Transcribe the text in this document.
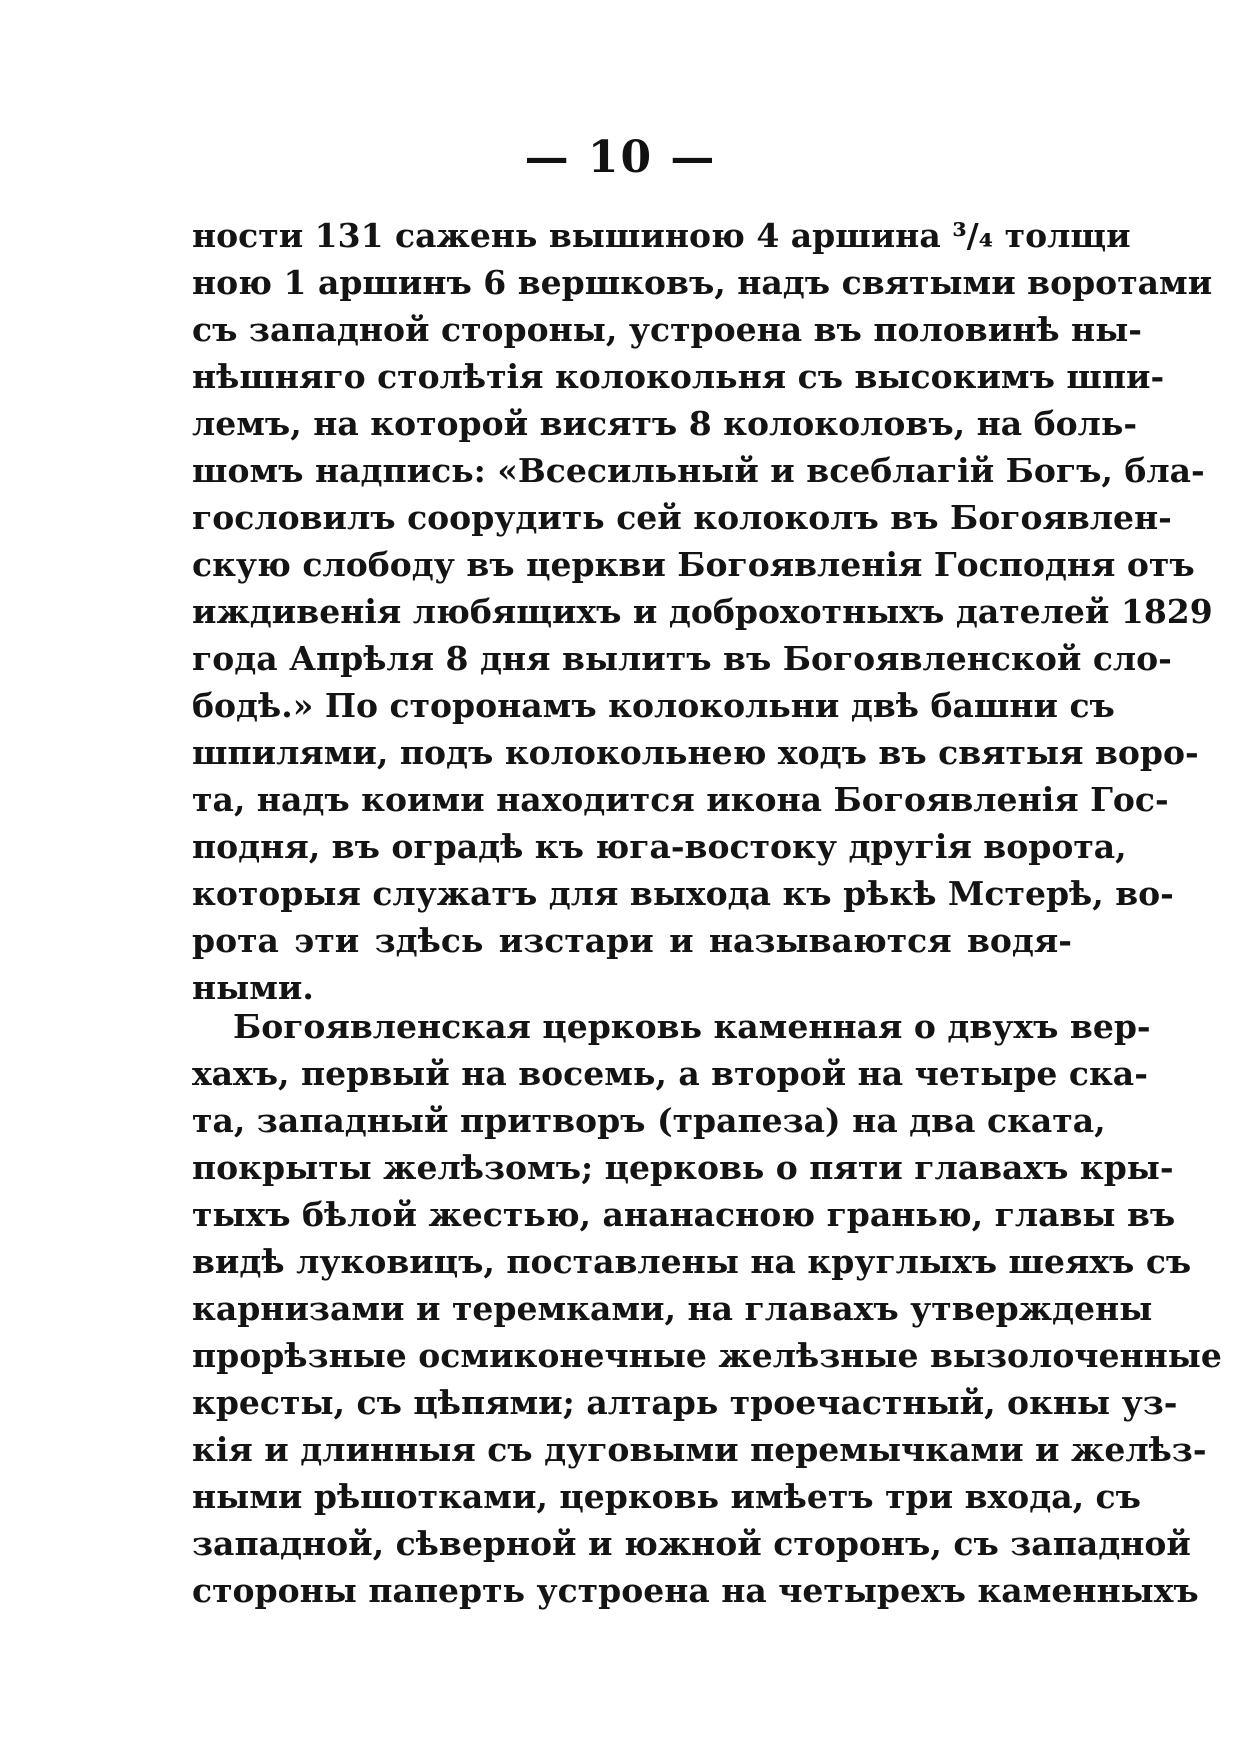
— 10 —

ности 131 сажень вышиною 4 аршина ³/₄ толщи
ною 1 аршинъ 6 вершковъ, надъ святыми воротами
съ западной стороны, устроена въ половинѣ ны-
нѣшняго столѣтія колокольня съ высокимъ шпи-
лемъ, на которой висятъ 8 колоколовъ, на боль-
шомъ надпись: «Всесильный и всеблагій Богъ, бла-
гословилъ соорудить сей колоколъ въ Богоявлен-
скую слободу въ церкви Богоявленія Господня отъ
иждивенія любящихъ и доброхотныхъ дателей 1829
года Апрѣля 8 дня вылитъ въ Богоявленской сло-
бодѣ.» По сторонамъ колокольни двѣ башни съ
шпилями, подъ колокольнею ходъ въ святыя воро-
та, надъ коими находится икона Богоявленія Гос-
подня, въ оградѣ къ юга-востоку другія ворота,
которыя служатъ для выхода къ рѣкѣ Мстерѣ, во-
рота эти здѣсь изстари и называются водя-
ными.

Богоявленская церковь каменная о двухъ вер-
хахъ, первый на восемь, а второй на четыре ска-
та, западный притворъ (трапеза) на два ската,
покрыты желѣзомъ; церковь о пяти главахъ кры-
тыхъ бѣлой жестью, ананасною гранью, главы въ
видѣ луковицъ, поставлены на круглыхъ шеяхъ съ
карнизами и теремками, на главахъ утверждены
прорѣзные осмиконечные желѣзные вызолоченные
кресты, съ цѣпями; алтарь троечастный, окны уз-
кія и длинныя съ дуговыми перемычками и желѣз-
ными рѣшотками, церковь имѣетъ три входа, съ
западной, сѣверной и южной сторонъ, съ западной
стороны паперть устроена на четырехъ каменныхъ
